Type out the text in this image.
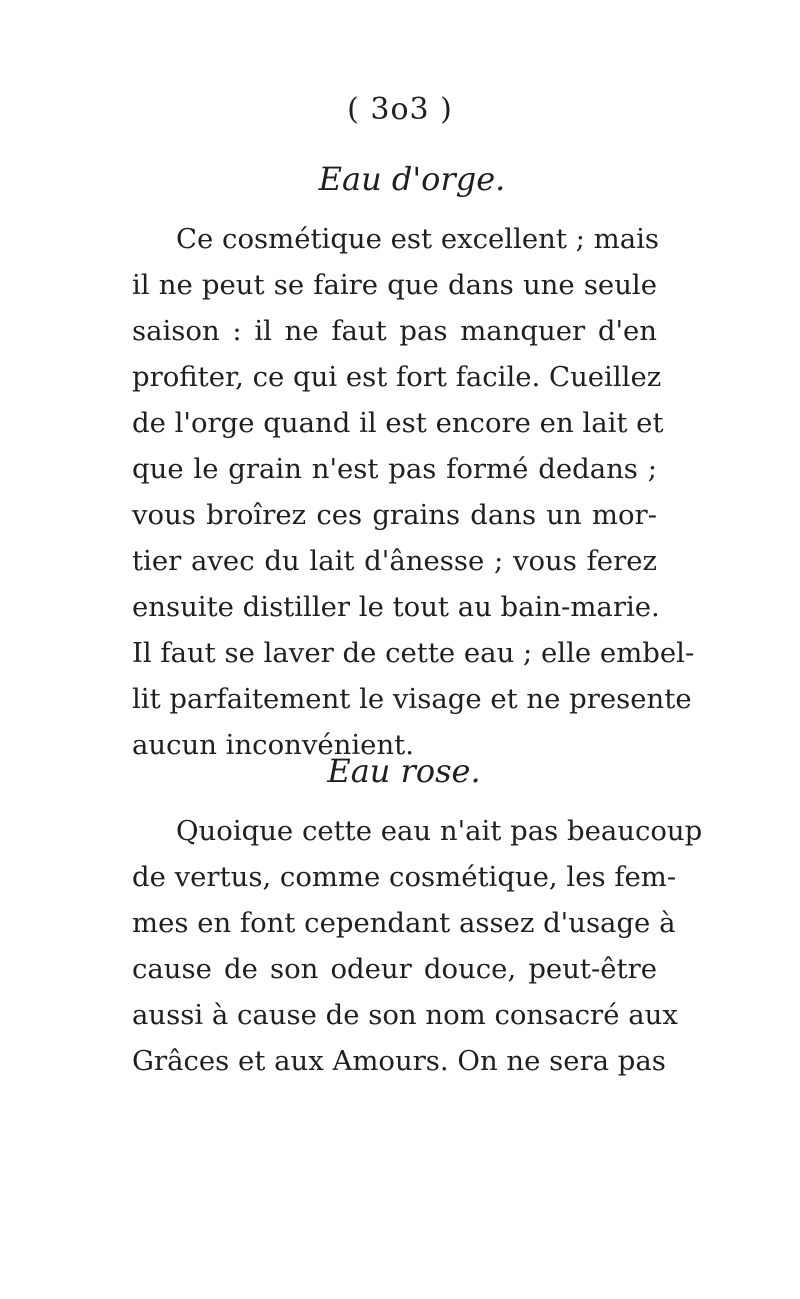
( 3o3 )
Eau d'orge.
Ce cosmétique est excellent ; mais
il ne peut se faire que dans une seule
saison : il ne faut pas manquer d'en
profiter, ce qui est fort facile. Cueillez
de l'orge quand il est encore en lait et
que le grain n'est pas formé dedans ;
vous broîrez ces grains dans un mor-
tier avec du lait d'ânesse ; vous ferez
ensuite distiller le tout au bain-marie.
Il faut se laver de cette eau ; elle embel-
lit parfaitement le visage et ne presente
aucun inconvénient.
Eau rose.
Quoique cette eau n'ait pas beaucoup
de vertus, comme cosmétique, les fem-
mes en font cependant assez d'usage à
cause de son odeur douce, peut-être
aussi à cause de son nom consacré aux
Grâces et aux Amours. On ne sera pas
